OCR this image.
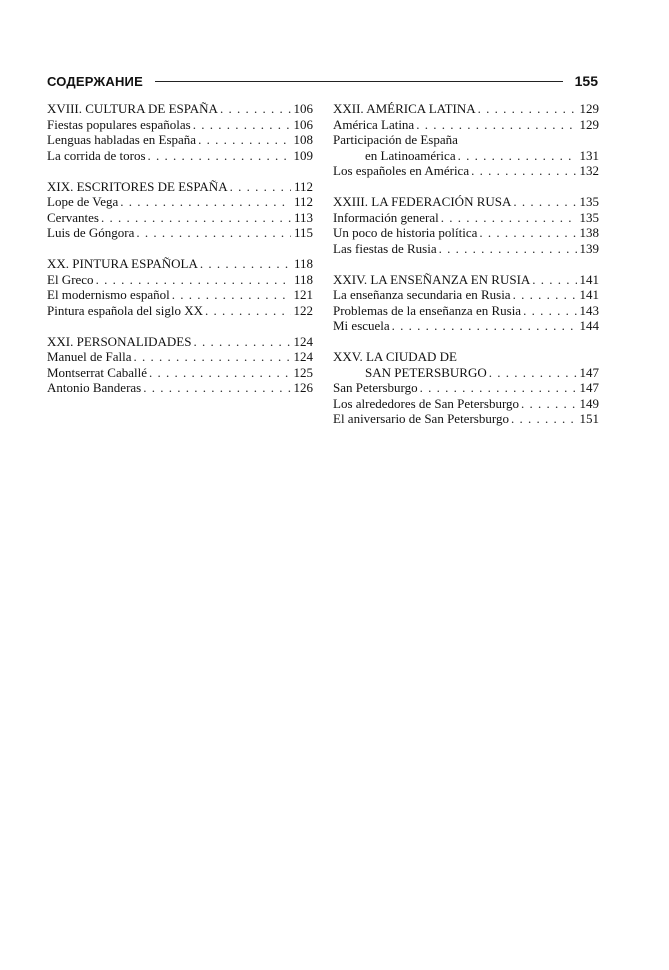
СОДЕРЖАНИЕ	155
XVIII. CULTURA DE ESPAÑA . . .	106
Fiestas populares españolas . . .	106
Lenguas habladas en España . . .	108
La corrida de toros . . .	109
XIX. ESCRITORES DE ESPAÑA . . .	112
Lope de Vega . . .	112
Cervantes . . .	113
Luis de Góngora . . .	115
XX. PINTURA ESPAÑOLA . . .	118
El Greco . . .	118
El modernismo español . . .	121
Pintura española del siglo XX . . .	122
XXI. PERSONALIDADES . . .	124
Manuel de Falla . . .	124
Montserrat Caballé . . .	125
Antonio Banderas . . .	126
XXII. AMÉRICA LATINA . . .	129
América Latina . . .	129
Participación de España
en Latinoamérica . . .	131
Los españoles en América . . .	132
XXIII. LA FEDERACIÓN RUSA . . .	135
Información general . . .	135
Un poco de historia política . . .	138
Las fiestas de Rusia . . .	139
XXIV. LA ENSEÑANZA EN RUSIA . . .	141
La enseñanza secundaria en Rusia . . .	141
Problemas de la enseñanza en Rusia . . .	143
Mi escuela . . .	144
XXV. LA CIUDAD DE
SAN PETERSBURGO . . .	147
San Petersburgo . . .	147
Los alrededores de San Petersburgo . . .	149
El aniversario de San Petersburgo . . .	151
